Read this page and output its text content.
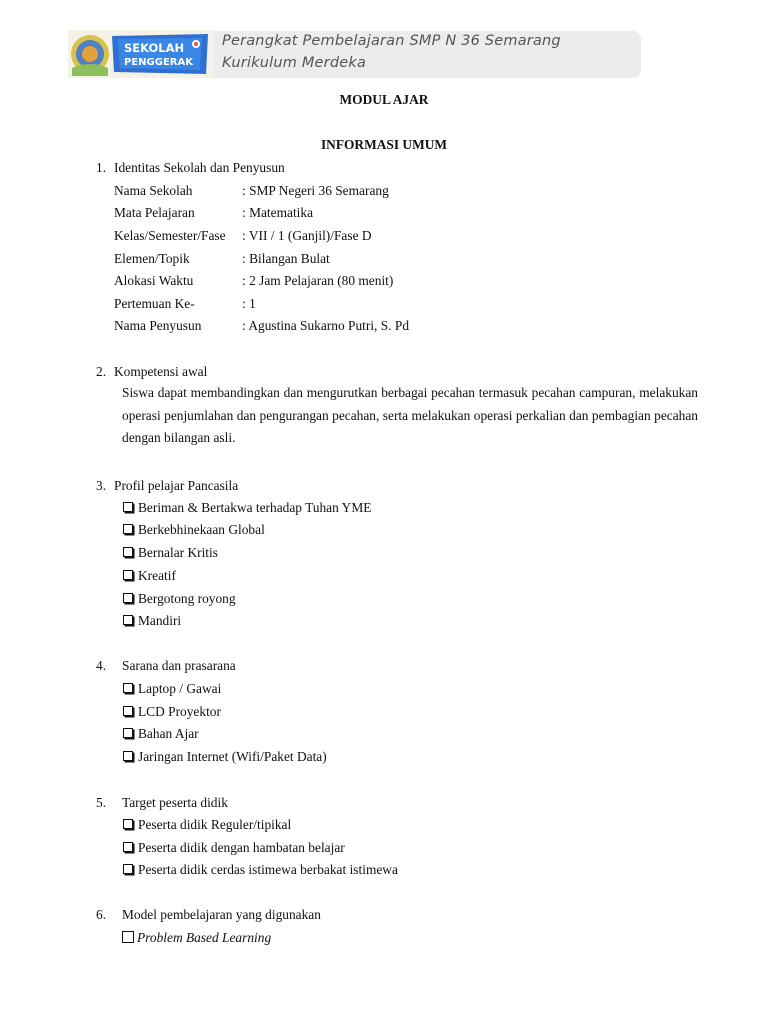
SEKOLAH
PENGGERAK
Perangkat Pembelajaran SMP N 36 Semarang
Kurikulum Merdeka
MODUL AJAR
INFORMASI UMUM
1. Identitas Sekolah dan Penyusun
Nama Sekolah	: SMP Negeri 36 Semarang
Mata Pelajaran	: Matematika
Kelas/Semester/Fase : VII / 1 (Ganjil)/Fase D
Elemen/Topik	: Bilangan Bulat
Alokasi Waktu	: 2 Jam Pelajaran (80 menit)
Pertemuan Ke-	: 1
Nama Penyusun	: Agustina Sukarno Putri, S. Pd
2. Kompetensi awal
Siswa dapat membandingkan dan mengurutkan berbagai pecahan termasuk pecahan campuran, melakukan operasi penjumlahan dan pengurangan pecahan, serta melakukan operasi perkalian dan pembagian pecahan dengan bilangan asli.
3. Profil pelajar Pancasila
Beriman & Bertakwa terhadap Tuhan YME
Berkebhinekaan Global
Bernalar Kritis
Kreatif
Bergotong royong
Mandiri
4. Sarana dan prasarana
Laptop / Gawai
LCD Proyektor
Bahan Ajar
Jaringan Internet (Wifi/Paket Data)
5. Target peserta didik
Peserta didik Reguler/tipikal
Peserta didik dengan hambatan belajar
Peserta didik cerdas istimewa berbakat istimewa
6. Model pembelajaran yang digunakan
Problem Based Learning
